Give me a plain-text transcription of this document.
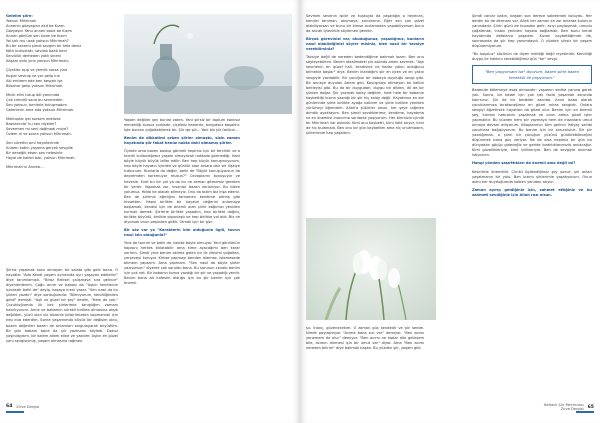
Gelelim şiire:
Yoksun Mihrimah
Annenin gözyaşları akıt be Kızım
Gözyaşını Yahu annen bakıt be Kızım
Annen gönlüm sen kızım be Kızım
Yol çok mu uzak yoksun Mihrimah?
Bu bir serzeni şimdi sevgim bir hele deniz
Kötü buhustakı, sevdalı baktı beni
Serzülük demeden yaklı sineni
Akşam oldu yine yoksun Mihrimah;

Çiçekler açıp ve yemilk varsa yine
Kuşlar sevinip ve yar gelip ine
Akl erdirem ede ben beşçek işe
Bilsahar gelip yoksun Mihrimah.

Minik elini tutup döl yanımıda
Çok cimdrik sana bu sevmedim
Sen yoksun, benimle buluşmadım
Gelenlerin ama ada yoksun Mihrimah.

Mektuplar gel sorsem edelizse
Bazılarında' hu sen diyelim?
Severmen mi seni doğmadı mılye?
Özlem iri ve sonra yoksun Mihrimah.

Sen sürettin ami hayallerinde
Anlamı katlın yaşama gerçek sevgiile
Bir deneğik etsen sen nefesinle
Hayal de kaldın bak, yoksun Mihrimah.

Mihrimah'ın Annesi...

Şiirsiz yaşamak sosu olmayan bir salata gibi gelir bana. O hayatta: "Ada Kendi yaşam aynısında ayrı yaşayan edelerini" diye tanımlamıştı. "Biraz fiziksel çalışmaya sıra gelince" diyenlerdenim. Çoğu anne ve babası da "Aşkın kendisinin içindedir belki de" deyip, kasaya ineni yazar. "Sen nasıl da bu şiirleri yazdın" diye sorduğumda: "Bilmiyorum, kendiliğinden geldi" demişti. "Aşk ne güzel bir şey" dedim, "Hem de çok." Çocukluğumda ilk kez şiirlerimle tanıştığım zamanı hatırlıyorum. Anne ve babamın sürekli birlikte olmasına alışık değildim, yüzü olan bir düzenle birbirimizden kopmamak için hep dua ederdim. Sonra yaşamımda büyük bir değişim oldu, bazen değerleri bazen de anlamları sorgulayarak büyüdüm. Bir gün babam bana da şiir yazmamı söyledi. Dokuz yaşındaydım, bir kalem aldım eline ve yazdım; Aşkın en güzel yanı sevgisiymiş, yaşam olmasına rağmen.

Yaşam değilim şey bunlar zaten. Yani şiirsiz bir toplum kanlısız ekmekliği tuzsuz çorbadır, çiçeksiz bahardır, bulgutsuz başaktır. İşte bunları çoğaltabilmek bir. Şiir işe şiir... Yani biz şiir üstüne...

Benim de dikkatimi çeken şiirler olmuştu, sizin zaman hayatında şiir fakat henüz nokta dahi olmamış şiirler.

Öyledir ama bazen baskıp görmek hepimiz için bir tercihtir ve o tercihi kullandığımız yaşam olmayacak noktada görmediği. Hani böyle büyük büyük laflar edilir. Ben hep küçük konuşmuyorum, hep böyle hayatın içinden ve günlük olan anlara dair bir ilişkiye tutkunum. Bunlarla da değer, belki de "Böyle konuşuyorsun da depremden korkmuyor musun?" Cevaplarını konuşuyor ve hevesle. Evet bu bir yol ya da bu ne zaman gitmemiz gereken bir yerdir. Yaşamak zor, insanlar bazen zorlanıyor. Bu bizim yolumuz. Yolda ne olacak bilmeyiz. Onu da bizim biz inşa ederiz. Ben de şiirimin ağırlığını tamamen kendime aitmiş gibi hissettim. Hepsi birlikte bir hayatın değerini anlamaya başlamak, kendisi için de önemli olan şiirle bağımızı yeniden kurmak demek. Şiirlerle birlikte yaşadım, hep birlikte doğdu, birlikte büyüdü, birlikte olgunlaştı ve hep birlikte yol aldı. Biz ne diyorsak onun peşinden gittik. Olmak için bir gün.

Bir söz var ya "Karakterin kim olduğunla ilgili, tavrın nasıl izin olduğunla?"

Yine de tavrım ve belki de, bende böyle olmuyor. Yani gönlümün kapısını herkes tıklatabilir ama kime açacağımı ben karar veririm. Şimdi yine benim aklıma gelen bir ilk zihnimi çoğaltan, çerçeveyi koruyor. Kimse yapmayı benden istemez, istemesede bilmem yaparım. Ama yapmam. "Sen nasıl da böyle şiirler yazıyorsun" diyerek çok soruldu bana. Bu sorunun cevabı benim için çok net. Bir babanın kızına yazdığı bir şiir ve yaşadığı yerdir. Benim bana ait kafesim olduğu için bu şiir benim için çok önemli.

64 Zirve Dergisi

Sevmek sevenin işidir ve kuşkuyla da yaşadığın o heyecan, kendisi tanıman, okumaya, sorularına. Eğer sen çok güzel olabiliyorsan ve bunu bir kimse zorlamadan yapabiliyorsan bunu da ancak içtenlikle söylemen gerekir.

Birçok görevinizi var, okuduğunuz, yaşadığınız, bunların nasıl olabildiğinizi söyler misiniz, bize nasıl bir tavsiye verebilirsiniz?

Tavsiye değil de nereden bedendiğime bakmak lazım. Ben onu söyleyebilirim. Benim idealimdeki şiir aslında zaten sevmek. "Aşk sevmenin en güzel hali, kendisine ne kadar yakın olduğunu bilmekle başlar" diye. Benim inandığım şiir en içten ve en yakın sevgiyle yazılabilir. Bir çocuğun bir babaya duyduğu sevgi gibi. Bir anneye duyulan özlem gibi. Kavuşmayı bilmeyen bir kalbin bekleyişi gibi. Bu da bir duygudan, duygu bir dilden, dil de bir şiirden doğar. Şiir yazmak kolay değildir, hele hele bir babanın kaybettiği kızına yazdığı bir şiir hiç kolay değil. Hayatımın en zor günlerinde şiirle birlikte ayağa kalktım ve şiirle birlikte yeniden yürümeyi öğrendim. Allah'a şükürler olsun, her şeye rağmen dimdik ayaktayım. Ben şimdi sevdiklerime, kendime, hayatıma ve en önemlisi inancıma sarılarak yaşıyorum. Her birimizin içinde bir Mihrimah var aslında. Kimi onu kaybetti, kimi hâlâ arıyor, kimi de hiç bulamadı. Ben onu bir gün kaybettim ama hiç unutmadım, şiirlerimde hep yaşattım.

şu: İnanç, güvenecekim. O zaman güç sendedir ve şiir sende. Nimet paylaşmıyor "Acıma bana sızı ver" demiyor. "Ben acımı yenemem de olur" demiyor. "Ben acımı ne kadar dile getirsem bile, acımın dinmesi için bir umut var" diyor. Ama "Ben acımı nereden bilirim" diye bakmak başka. Bu yüzden şiir, yaşam gibi.

Şimdi canlar bakın, baştan son derece sabretmek koluydu. Her derdin bir de dermanı var. Allah her zaman en zor anlarda kulunun yanındadır. Şiirin gücü de buradan gelir; acıyı paylaşmak, umudu çoğaltmak, insanı yeniden hayata bağlamak. Ben bunu kendi hayatımda defalarca yaşadım. Kızımı kaybettiğimde de, sonrasında da şiir hep yanımdaydı. O yüzden şiirsiz bir yaşam düşünemiyorum.

"Bu koşuluz" sözünün de diyen edildiği değil niyetimdir. Kendiliği duygu ile hakkını verebildiğimiz gün "bir" sevgi.

"Ben yaşıyorsam ise" diyorum, bazen şiirle bazen tevekkül ile yaşıyorum."

Bedende bölemeye esas olmasıdır; yaşamın sedhe yanına gerek yok. Sonra, bir bedel için çok çok fazla yaşamak zorunda kalırsınız. Şiir de bir bedeldir aslında. Anne baba olarak çocuklarımıza bırakacağımız en güzel miras sevgidir. Onlara sevgiyi öğretirsek hayatları da güzel olur. Benim için en önemli şey, kızımın hatırasını yaşatmak ve onun adına güzel işler yapmaktır. Bu yüzden hem şiir yazmaya hem de insanlara umut olmaya devam ediyorum. Kitaplarımın tüm gelirini ihtiyaç sahibi çocuklara bağışlıyorum. Bu benim için bir sorumluluk. Bir şiir yazdığımda, o şiirin bir çocuğun yüzünü güldürebileceğini düşünmek bana güç veriyor. Ne de olsa hepimiz bir gün bu dünyadan göçüp gideceğiz ve geride bıraktıklarımızla anılacağız. Kimi güzellikleriyle, kimi iyilikleriyle. Ben de sevgiyle anılmak istiyorum.

Hangi yönden şaşırttıkları da önemli ama değil mi?

Kesinlikle önemlidir. Çünkü ilgilendiğimiz şey şudur; şiir onları yaşatmanın bir yolu. Ben kızımı şiirlerimle yaşatıyorum. Onun adını her duyduğumda kalbim yeniden atıyor.

Zaman ayırıp geldiğiniz için, zahmet ettiğiniz ve bu zahmeti sevdiğiniz için Allah razı olsun.

Haftalık Şiir Mecmuası
Zirve Dergisi 65
